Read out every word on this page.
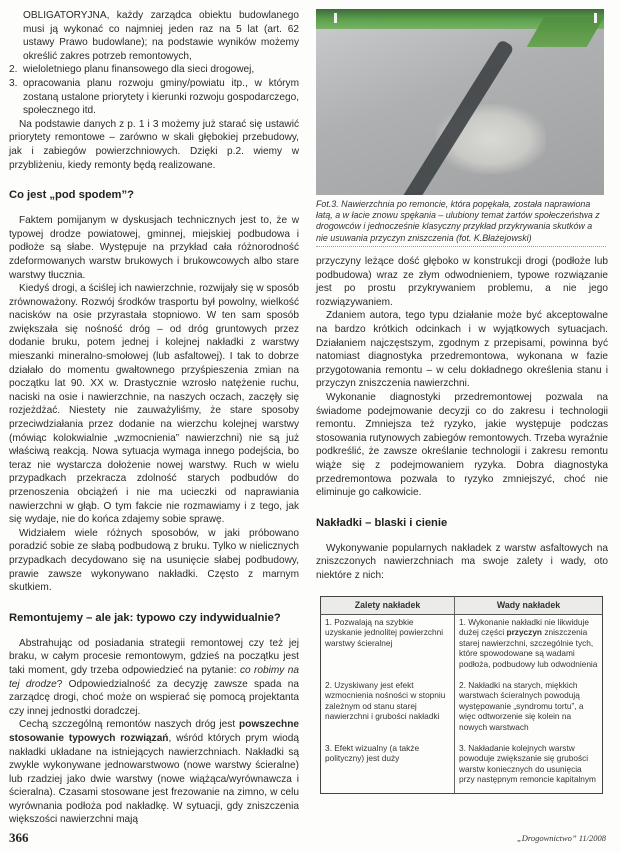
OBLIGATORYJNA, każdy zarządca obiektu budowlanego musi ją wykonać co najmniej jeden raz na 5 lat (art. 62 ustawy Prawo budowlane); na podstawie wyników możemy określić zakres potrzeb remontowych,

2. wieloletniego planu finansowego dla sieci drogowej,
3. opracowania planu rozwoju gminy/powiatu itp., w którym zostaną ustalone priorytety i kierunki rozwoju gospodarczego, społecznego itd.

Na podstawie danych z p. 1 i 3 możemy już starać się ustawić priorytety remontowe – zarówno w skali głębokiej przebudowy, jak i zabiegów powierzchniowych. Dzięki p.2. wiemy w przybliżeniu, kiedy remonty będą realizowane.

Co jest „pod spodem”?

Faktem pomijanym w dyskusjach technicznych jest to, że w typowej drodze powiatowej, gminnej, miejskiej podbudowa i podłoże są słabe. Występuje na przykład cała różnorodność zdeformowanych warstw brukowych i brukowcowych albo stare warstwy tłucznia.

Kiedyś drogi, a ściślej ich nawierzchnie, rozwijały się w sposób zrównoważony. Rozwój środków trasportu był powolny, wielkość nacisków na osie przyrastała stopniowo. W ten sam sposób zwiększała się nośność dróg – od dróg gruntowych przez dodanie bruku, potem jednej i kolejnej nakładki z warstwy mieszanki mineralno-smołowej (lub asfaltowej). I tak to dobrze działało do momentu gwałtownego przyśpieszenia zmian na początku lat 90. XX w. Drastycznie wzrosło natężenie ruchu, naciski na osie i nawierzchnie, na naszych oczach, zaczęły się rozjeżdżać. Niestety nie zauważyliśmy, że stare sposoby przeciwdziałania przez dodanie na wierzchu kolejnej warstwy (mówiąc kolokwialnie „wzmocnienia” nawierzchni) nie są już właściwą reakcją. Nowa sytuacja wymaga innego podejścia, bo teraz nie wystarcza dołożenie nowej warstwy. Ruch w wielu przypadkach przekracza zdolność starych podbudów do przenoszenia obciążeń i nie ma ucieczki od naprawiania nawierzchni w głąb. O tym fakcie nie rozmawiamy i z tego, jak się wydaje, nie do końca zdajemy sobie sprawę.

Widziałem wiele różnych sposobów, w jaki próbowano poradzić sobie ze słabą podbudową z bruku. Tylko w nielicznych przypadkach decydowano się na usunięcie słabej podbudowy, prawie zawsze wykonywano nakładki. Często z marnym skutkiem.

Remontujemy – ale jak: typowo czy indywidualnie?

Abstrahując od posiadania strategii remontowej czy też jej braku, w całym procesie remontowym, gdzieś na początku jest taki moment, gdy trzeba odpowiedzieć na pytanie: co robimy na tej drodze? Odpowiedzialność za decyzję zawsze spada na zarządcę drogi, choć może on wspierać się pomocą projektanta czy innej jednostki doradczej.

Cechą szczególną remontów naszych dróg jest powszechne stosowanie typowych rozwiązań, wśród których prym wiodą nakładki układane na istniejących nawierzchniach. Nakładki są zwykle wykonywane jednowarstwowo (nowe warstwy ścieralne) lub rzadziej jako dwie warstwy (nowe wiążąca/wyrównawcza i ścieralna). Czasami stosowane jest frezowanie na zimno, w celu wyrównania podłoża pod nakładkę. W sytuacji, gdy zniszczenia większości nawierzchni mają

Fot.3. Nawierzchnia po remoncie, która popękała, została naprawiona łatą, a w łacie znowu spękania – ulubiony temat żartów społeczeństwa z drogowców i jednocześnie klasyczny przykład przykrywania skutków a nie usuwania przyczyn zniszczenia (fot. K.Błażejowski)

przyczyny leżące dość głęboko w konstrukcji drogi (podłoże lub podbudowa) wraz ze złym odwodnieniem, typowe rozwiązanie jest po prostu przykrywaniem problemu, a nie jego rozwiązywaniem.

Zdaniem autora, tego typu działanie może być akceptowalne na bardzo krótkich odcinkach i w wyjątkowych sytuacjach. Działaniem najczęstszym, zgodnym z przepisami, powinna być natomiast diagnostyka przedremontowa, wykonana w fazie przygotowania remontu – w celu dokładnego określenia stanu i przyczyn zniszczenia nawierzchni.

Wykonanie diagnostyki przedremontowej pozwala na świadome podejmowanie decyzji co do zakresu i technologii remontu. Zmniejsza też ryzyko, jakie występuje podczas stosowania rutynowych zabiegów remontowych. Trzeba wyraźnie podkreślić, że zawsze określanie technologii i zakresu remontu wiąże się z podejmowaniem ryzyka. Dobra diagnostyka przedremontowa pozwala to ryzyko zmniejszyć, choć nie eliminuje go całkowicie.

Nakładki – blaski i cienie

Wykonywanie popularnych nakładek z warstw asfaltowych na zniszczonych nawierzchniach ma swoje zalety i wady, oto niektóre z nich:

Zalety nakładek	Wady nakładek
1. Pozwalają na szybkie uzyskanie jednolitej powierzchni warstwy ścieralnej	1. Wykonanie nakładki nie likwiduje dużej części przyczyn zniszczenia starej nawierzchni, szczególnie tych, które spowodowane są wadami podłoża, podbudowy lub odwodnienia
2. Uzyskiwany jest efekt wzmocnienia nośności w stopniu zależnym od stanu starej nawierzchni i grubości nakładki	2. Nakładki na starych, miękkich warstwach ścieralnych powodują występowanie „syndromu tortu”, a więc odtworzenie się kolein na nowych warstwach
3. Efekt wizualny (a także polityczny) jest duży	3. Nakładanie kolejnych warstw powoduje zwiększanie się grubości warstw koniecznych do usunięcia przy następnym remoncie kapitalnym
366	„Drogownictwo” 11/2008
